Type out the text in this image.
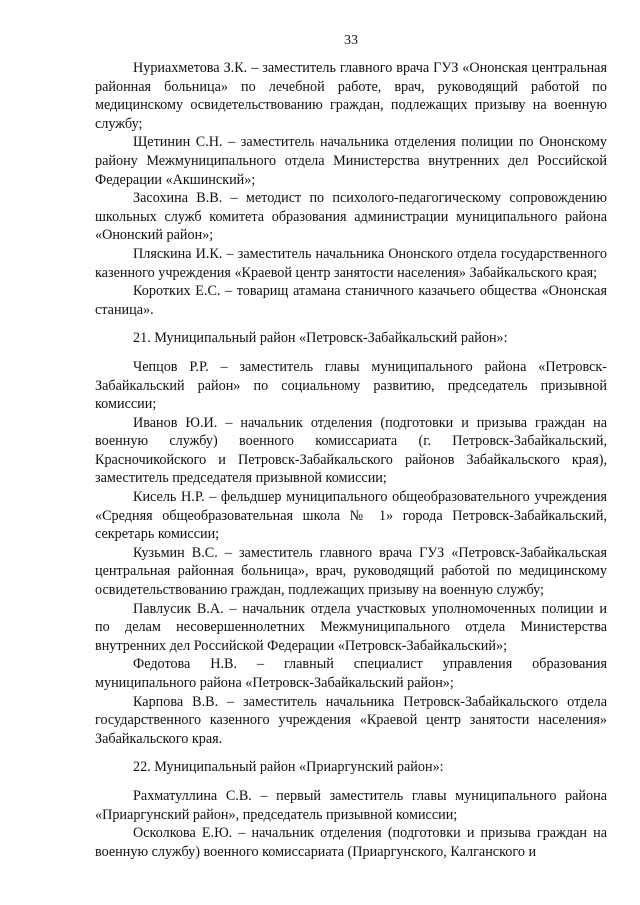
33

Нуриахметова З.К. – заместитель главного врача ГУЗ «Ононская центральная районная больница» по лечебной работе, врач, руководящий работой по медицинскому освидетельствованию граждан, подлежащих призыву на военную службу;

Щетинин С.Н. – заместитель начальника отделения полиции по Ононскому району Межмуниципального отдела Министерства внутренних дел Российской Федерации «Акшинский»;

Засохина В.В. – методист по психолого-педагогическому сопровождению школьных служб комитета образования администрации муниципального района «Ононский район»;

Пляскина И.К. – заместитель начальника Ононского отдела государственного казенного учреждения «Краевой центр занятости населения» Забайкальского края;

Коротких Е.С. – товарищ атамана станичного казачьего общества «Ононская станица».

21. Муниципальный район «Петровск-Забайкальский район»:

Чепцов Р.Р. – заместитель главы муниципального района «Петровск-Забайкальский район» по социальному развитию, председатель призывной комиссии;

Иванов Ю.И. – начальник отделения (подготовки и призыва граждан на военную службу) военного комиссариата (г. Петровск-Забайкальский, Красночикойского и Петровск-Забайкальского районов Забайкальского края), заместитель председателя призывной комиссии;

Кисель Н.Р. – фельдшер муниципального общеобразовательного учреждения «Средняя общеобразовательная школа № 1» города Петровск-Забайкальский, секретарь комиссии;

Кузьмин В.С. – заместитель главного врача ГУЗ «Петровск-Забайкальская центральная районная больница», врач, руководящий работой по медицинскому освидетельствованию граждан, подлежащих призыву на военную службу;

Павлусик В.А. – начальник отдела участковых уполномоченных полиции и по делам несовершеннолетних Межмуниципального отдела Министерства внутренних дел Российской Федерации «Петровск-Забайкальский»;

Федотова Н.В. – главный специалист управления образования муниципального района «Петровск-Забайкальский район»;

Карпова В.В. – заместитель начальника Петровск-Забайкальского отдела государственного казенного учреждения «Краевой центр занятости населения» Забайкальского края.

22. Муниципальный район «Приаргунский район»:

Рахматуллина С.В. – первый заместитель главы муниципального района «Приаргунский район», председатель призывной комиссии;

Осколкова Е.Ю. – начальник отделения (подготовки и призыва граждан на военную службу) военного комиссариата (Приаргунского, Калганского и
